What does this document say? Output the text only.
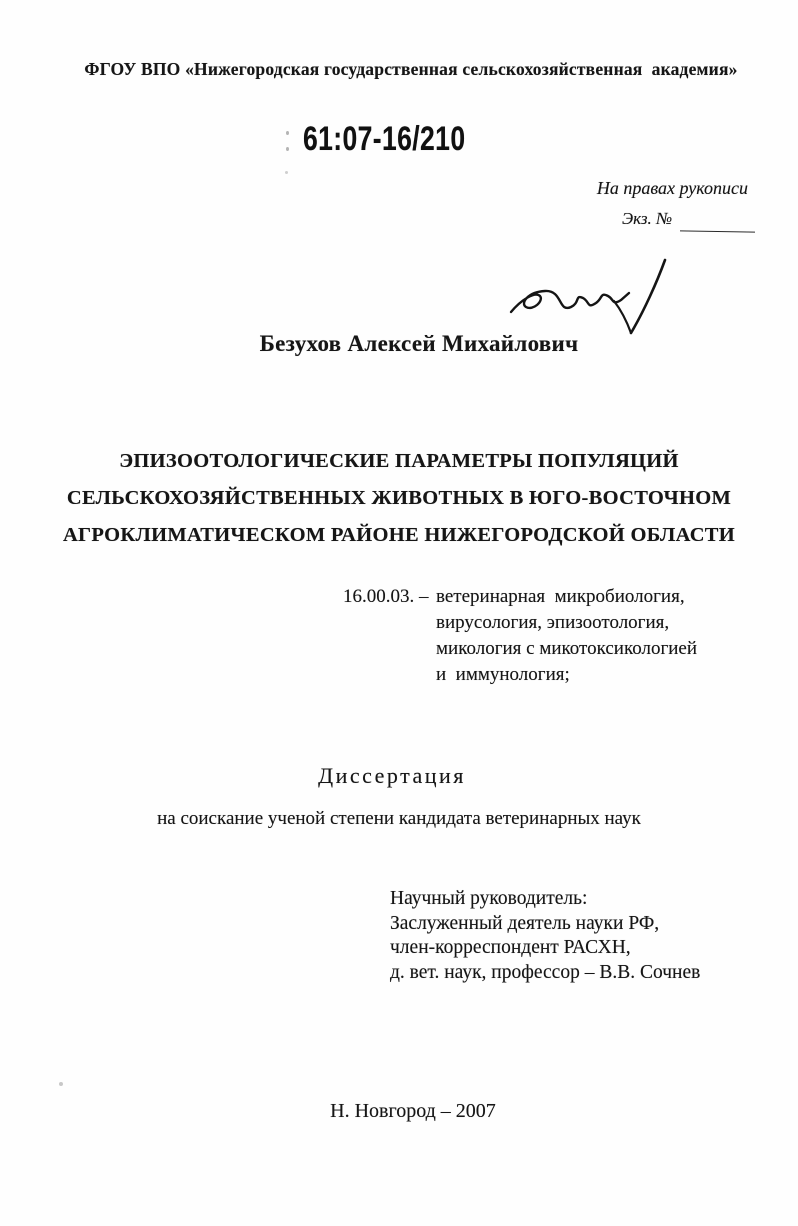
ФГОУ ВПО «Нижегородская государственная сельскохозяйственная  академия»
61:07-16/210
На правах рукописи
Экз. №
Безухов Алексей Михайлович
ЭПИЗООТОЛОГИЧЕСКИЕ ПАРАМЕТРЫ ПОПУЛЯЦИЙ
СЕЛЬСКОХОЗЯЙСТВЕННЫХ ЖИВОТНЫХ В ЮГО-ВОСТОЧНОМ
АГРОКЛИМАТИЧЕСКОМ РАЙОНЕ НИЖЕГОРОДСКОЙ ОБЛАСТИ
16.00.03. – ветеринарная  микробиология,
вирусология, эпизоотология,
микология с микотоксикологией
и  иммунология;
Диссертация
на соискание ученой степени кандидата ветеринарных наук
Научный руководитель:
Заслуженный деятель науки РФ,
член-корреспондент РАСХН,
д. вет. наук, профессор – В.В. Сочнев
Н. Новгород – 2007
